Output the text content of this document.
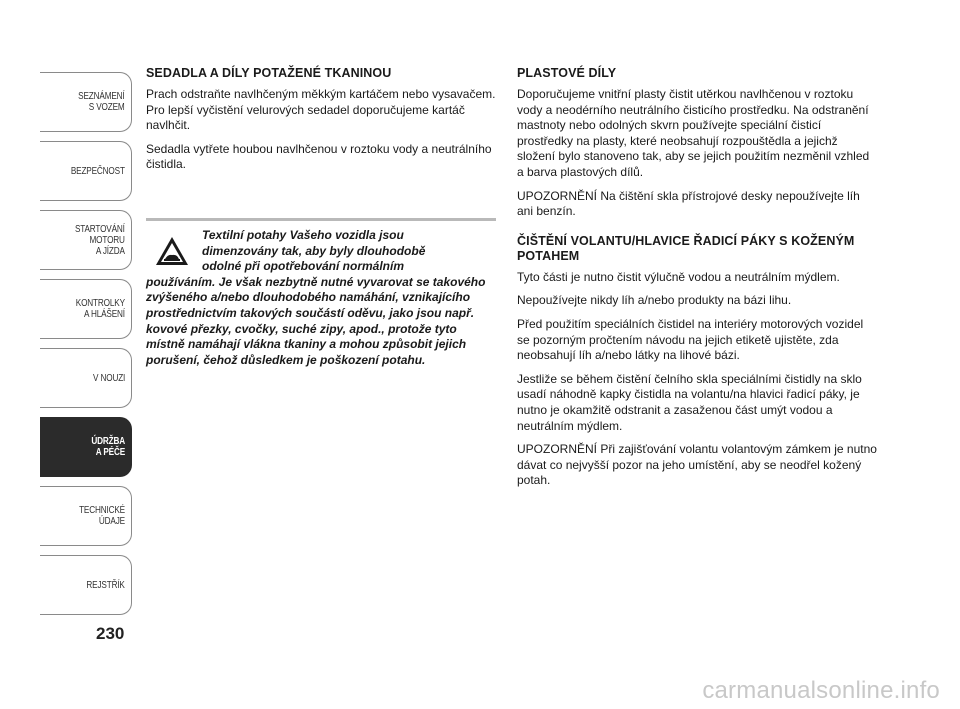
SEZNÁMENÍ
S VOZEM
BEZPEČNOST
STARTOVÁNÍ
MOTORU
A JÍZDA
KONTROLKY
A HLÁŠENÍ
V NOUZI
ÚDRŽBA
A PÉČE
TECHNICKÉ
ÚDAJE
REJSTŘÍK
230
SEDADLA A DÍLY POTAŽENÉ TKANINOU

Prach odstraňte navlhčeným měkkým kartáčem nebo vysavačem. Pro lepší vyčistění velurových sedadel doporučujeme kartáč navlhčit.

Sedadla vytřete houbou navlhčenou v roztoku vody a neutrálního čistidla.

Textilní potahy Vašeho vozidla jsou

dimenzovány tak, aby byly dlouhodobě

odolné při opotřebování normálním

používáním. Je však nezbytně nutné vyvarovat se takového zvýšeného a/nebo dlouhodobého namáhání, vznikajícího prostřednictvím takových součástí oděvu, jako jsou např. kovové přezky, cvočky, suché zipy, apod., protože tyto místně namáhají vlákna tkaniny a mohou způsobit jejich porušení, čehož důsledkem je poškození potahu.

PLASTOVÉ DÍLY

Doporučujeme vnitřní plasty čistit utěrkou navlhčenou v roztoku vody a neodérního neutrálního čisticího prostředku. Na odstranění mastnoty nebo odolných skvrn používejte speciální čisticí prostředky na plasty, které neobsahují rozpouštědla a jejichž složení bylo stanoveno tak, aby se jejich použitím nezměnil vzhled a barva plastových dílů.

UPOZORNĚNÍ Na čištění skla přístrojové desky nepoužívejte líh ani benzín.

ČIŠTĚNÍ VOLANTU/HLAVICE ŘADICÍ PÁKY S KOŽENÝM POTAHEM

Tyto části je nutno čistit výlučně vodou a neutrálním mýdlem.

Nepoužívejte nikdy líh a/nebo produkty na bázi lihu.

Před použitím speciálních čistidel na interiéry motorových vozidel se pozorným pročtením návodu na jejich etiketě ujistěte, zda neobsahují líh a/nebo látky na lihové bázi.

Jestliže se během čistění čelního skla speciálními čistidly na sklo usadí náhodně kapky čistidla na volantu/na hlavici řadicí páky, je nutno je okamžitě odstranit a zasaženou část umýt vodou a neutrálním mýdlem.

UPOZORNĚNÍ Při zajišťování volantu volantovým zámkem je nutno dávat co nejvyšší pozor na jeho umístění, aby se neodřel kožený potah.

carmanualsonline.info
